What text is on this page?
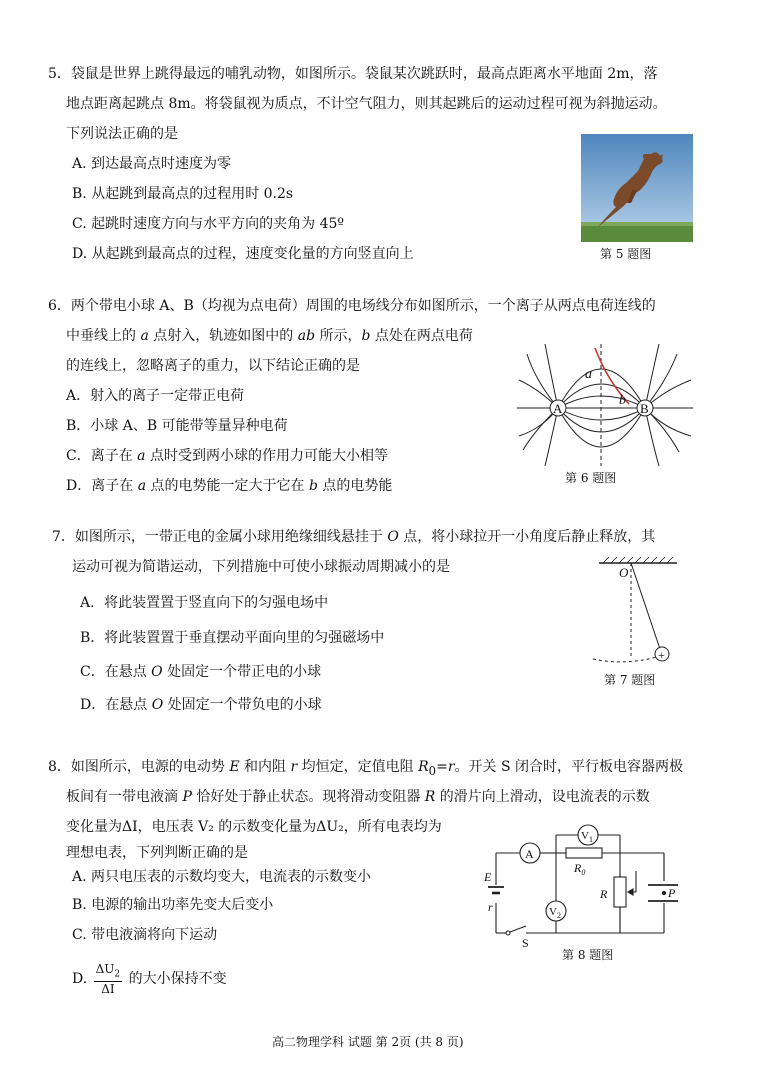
5．袋鼠是世界上跳得最远的哺乳动物，如图所示。袋鼠某次跳跃时，最高点距离水平地面 2m，落
地点距离起跳点 8m。将袋鼠视为质点，不计空气阻力，则其起跳后的运动过程可视为斜抛运动。
下列说法正确的是
A. 到达最高点时速度为零
B. 从起跳到最高点的过程用时 0.2s
C. 起跳时速度方向与水平方向的夹角为 45º
D. 从起跳到最高点的过程，速度变化量的方向竖直向上	第 5 题图
6．两个带电小球 A、B（均视为点电荷）周围的电场线分布如图所示，一个离子从两点电荷连线的
中垂线上的 a 点射入，轨迹如图中的 ab 所示，b 点处在两点电荷
的连线上，忽略离子的重力，以下结论正确的是
A．射入的离子一定带正电荷
B．小球 A、B 可能带等量异种电荷
C．离子在 a 点时受到两小球的作用力可能大小相等
D．离子在 a 点的电势能一定大于它在 b 点的电势能
A	B
a
b
第 6 题图
7．如图所示，一带正电的金属小球用绝缘细线悬挂于 O 点，将小球拉开一小角度后静止释放，其
运动可视为简谐运动，下列措施中可使小球振动周期减小的是
A．将此装置置于竖直向下的匀强电场中
B．将此装置置于垂直摆动平面向里的匀强磁场中
C．在悬点 O 处固定一个带正电的小球
D．在悬点 O 处固定一个带负电的小球
+
O
第 7 题图
8．如图所示，电源的电动势 E 和内阻 r 均恒定，定值电阻 $R_0=r$。开关 S 闭合时，平行板电容器两极
板间有一带电液滴 P 恰好处于静止状态。现将滑动变阻器 R 的滑片向上滑动，设电流表的示数
变化量为ΔI，电压表 V₂ 的示数变化量为ΔU₂，所有电表均为
理想电表，下列判断正确的是
A. 两只电压表的示数均变大，电流表的示数变小
B. 电源的输出功率先变大后变小
C. 带电液滴将向下运动
D. $\frac{\Delta U_2}{\Delta I}$ 的大小保持不变
A
$V_1$
$V_2$
$R_0$
R
E
r
S
P
第 8 题图
高二物理学科 试题 第 2页 (共 8 页)
